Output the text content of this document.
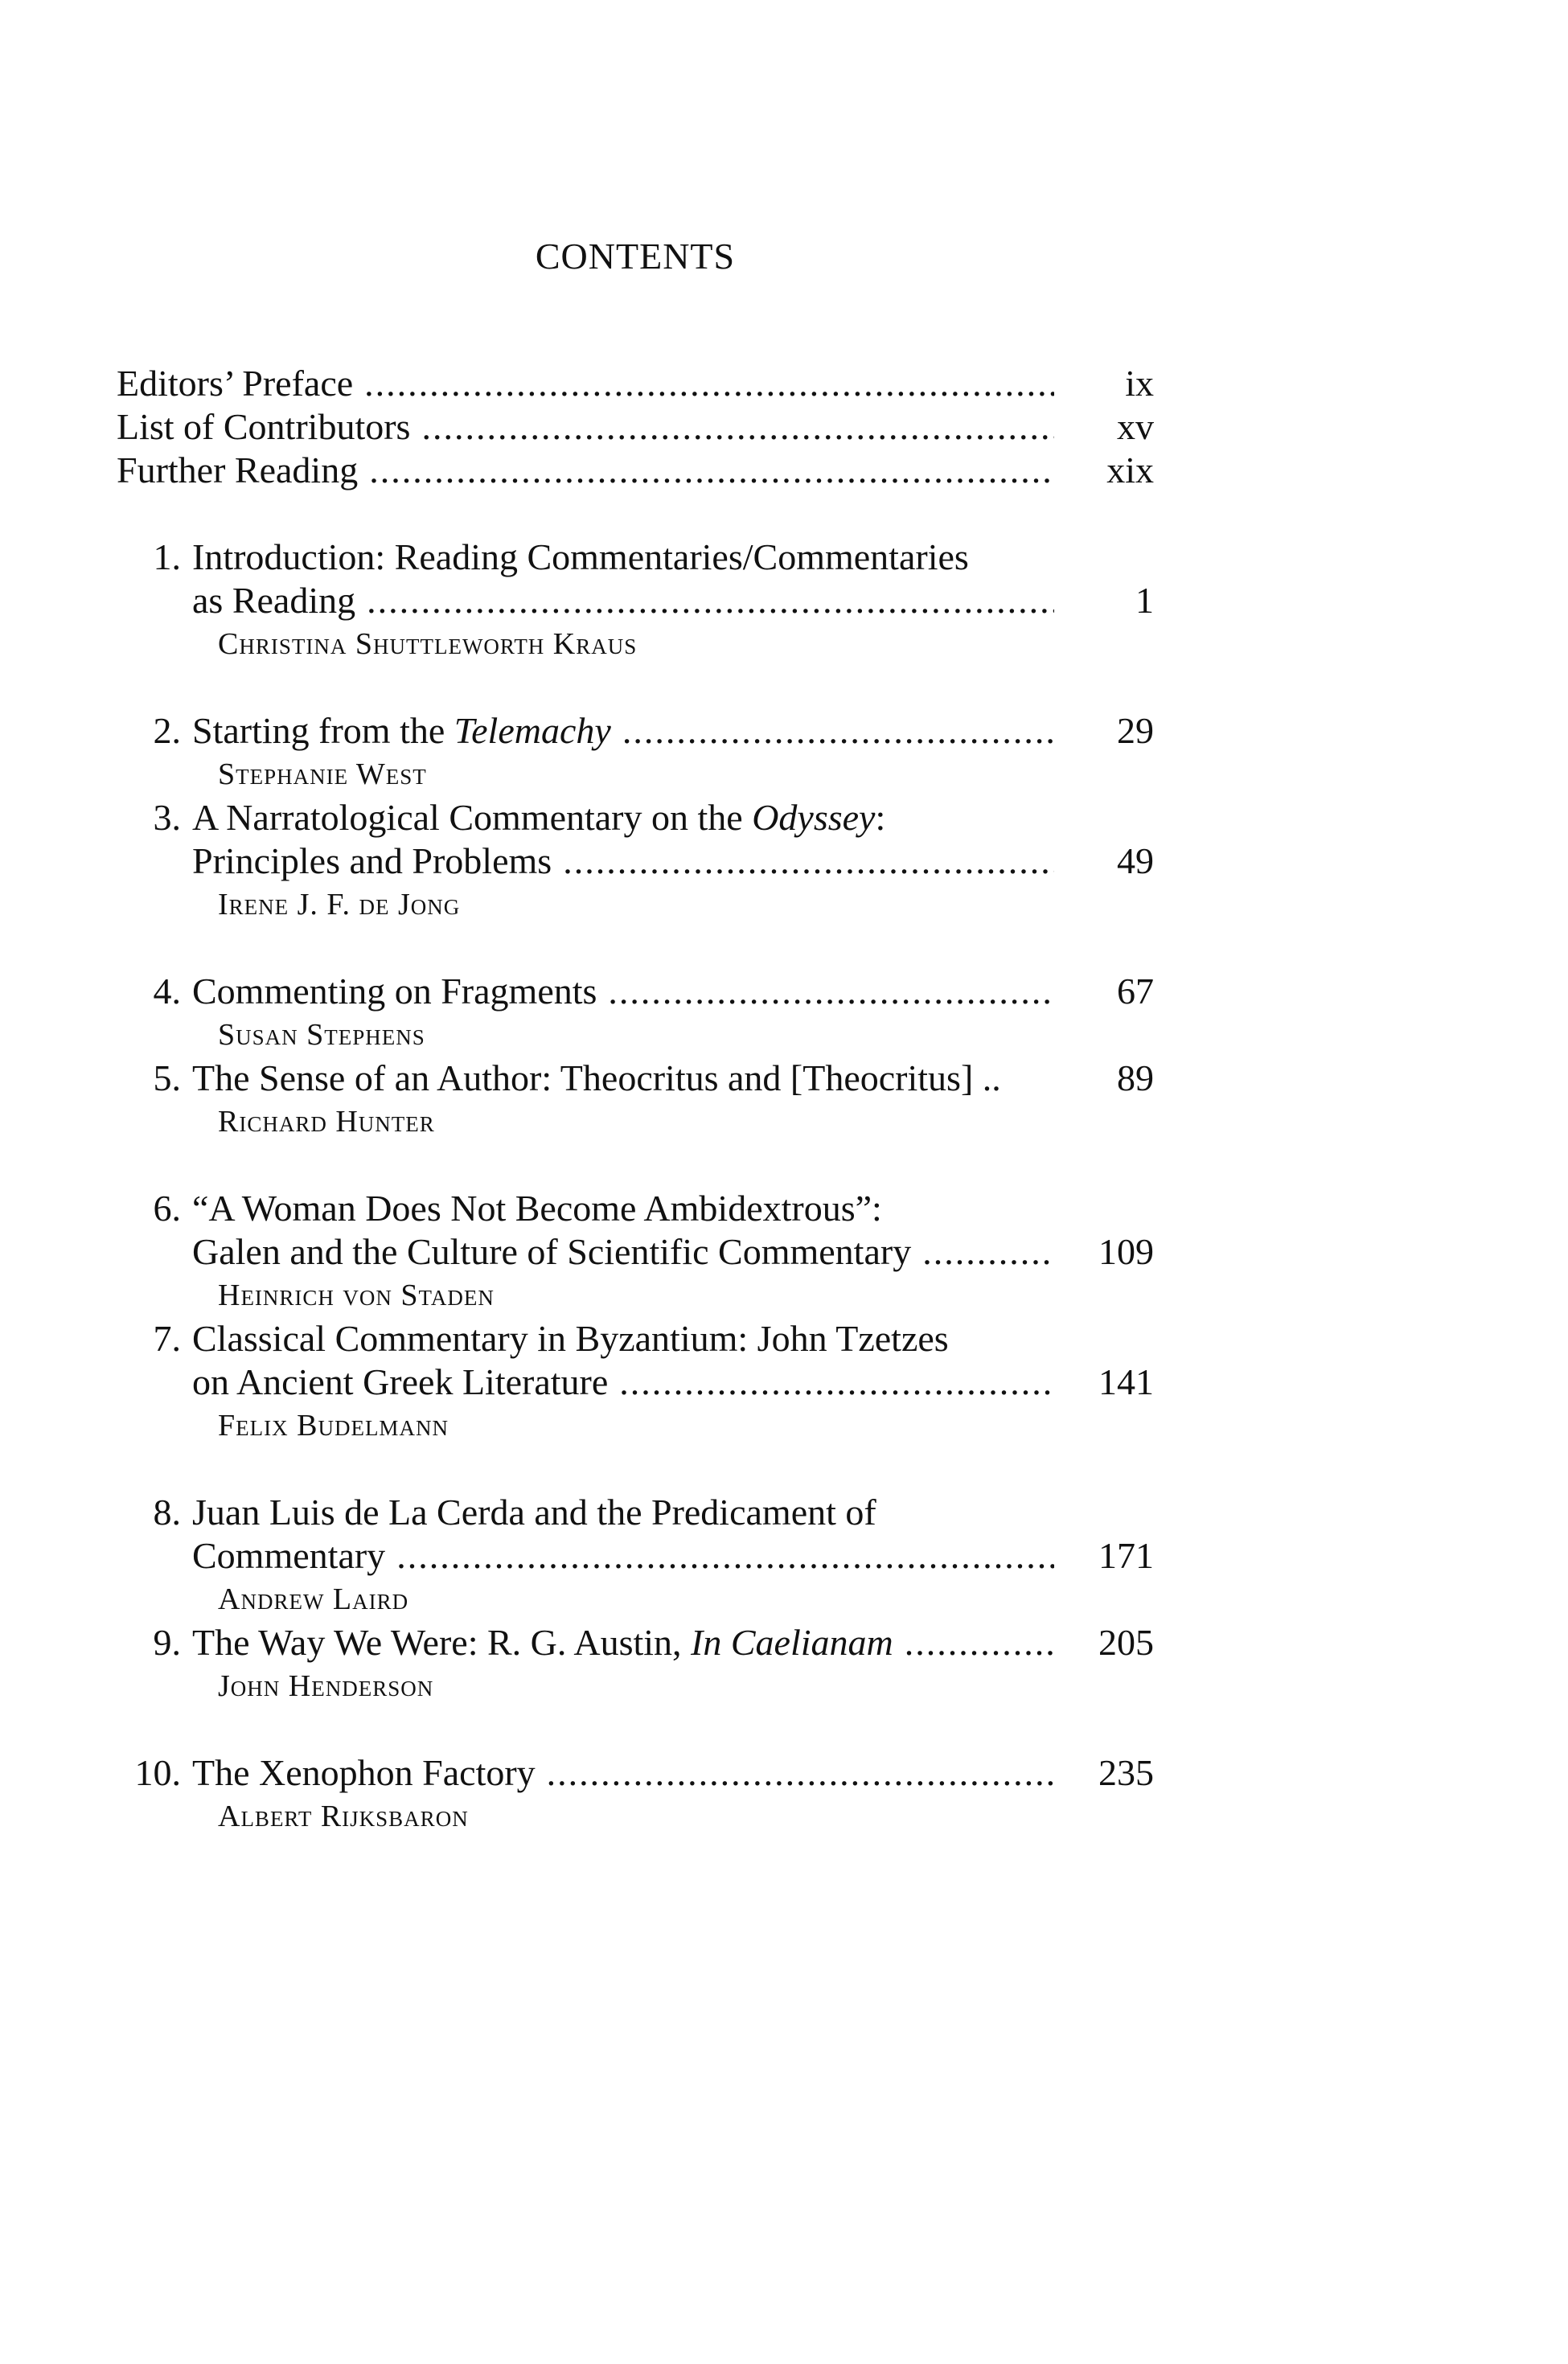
CONTENTS
Editors’ Preface .....	ix
List of Contributors .....	xv
Further Reading .....	xix
1. Introduction: Reading Commentaries/Commentaries
as Reading .....	1
Christina Shuttleworth Kraus
2. Starting from the Telemachy .....	29
Stephanie West
3. A Narratological Commentary on the Odyssey:
Principles and Problems .....	49
Irene J. F. de Jong
4. Commenting on Fragments .....	67
Susan Stephens
5. The Sense of an Author: Theocritus and [Theocritus] ..	89
Richard Hunter
6. “A Woman Does Not Become Ambidextrous”:
Galen and the Culture of Scientific Commentary .....	109
Heinrich von Staden
7. Classical Commentary in Byzantium: John Tzetzes
on Ancient Greek Literature .....	141
Felix Budelmann
8. Juan Luis de La Cerda and the Predicament of
Commentary .....	171
Andrew Laird
9. The Way We Were: R. G. Austin, In Caelianam .....	205
John Henderson
10. The Xenophon Factory .....	235
Albert Rijksbaron
